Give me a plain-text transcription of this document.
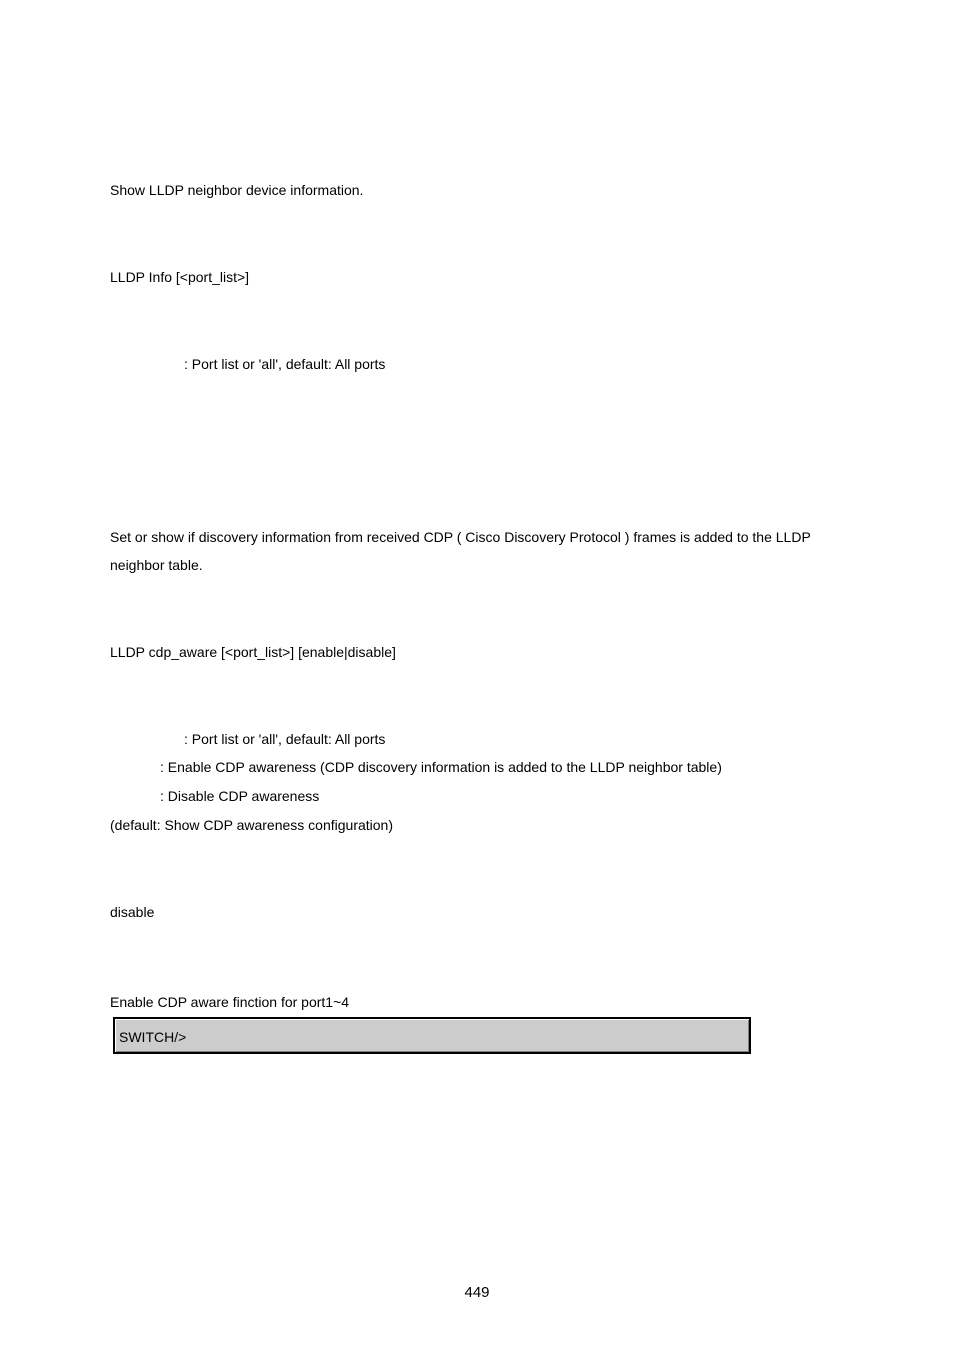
Show LLDP neighbor device information.
LLDP Info [<port_list>]
: Port list or 'all', default: All ports
Set or show if discovery information from received CDP ( Cisco Discovery Protocol ) frames is added to the LLDP
neighbor table.
LLDP cdp_aware [<port_list>] [enable|disable]
: Port list or 'all', default: All ports
: Enable CDP awareness (CDP discovery information is added to the LLDP neighbor table)
: Disable CDP awareness
(default: Show CDP awareness configuration)
disable
Enable CDP aware finction for port1~4
SWITCH/>
449
